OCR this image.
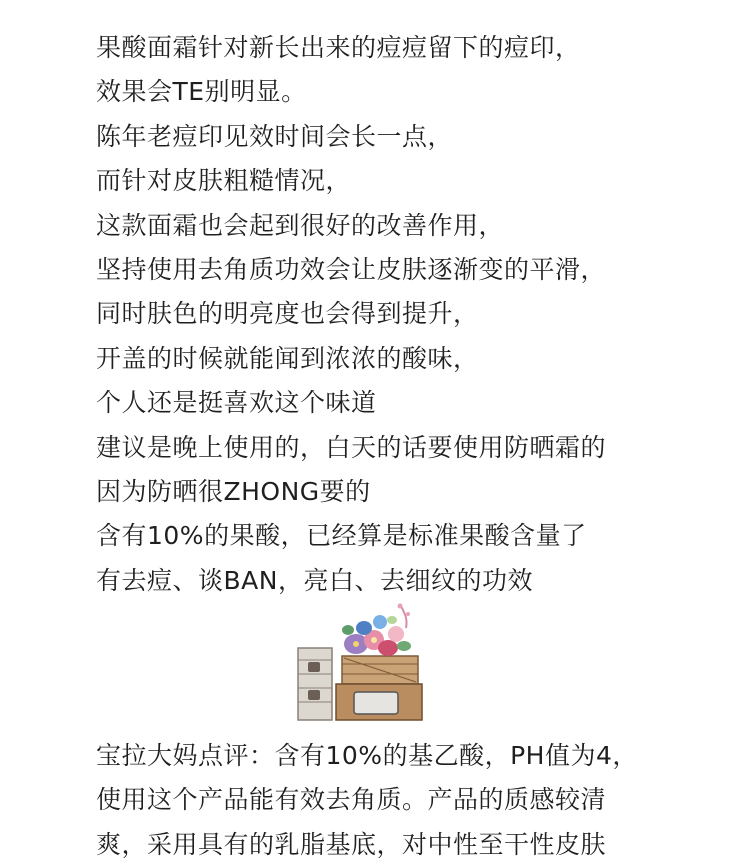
果酸面霜针对新长出来的痘痘留下的痘印，
效果会TE别明显。
陈年老痘印见效时间会长一点，
而针对皮肤粗糙情况，
这款面霜也会起到很好的改善作用，
坚持使用去角质功效会让皮肤逐渐变的平滑，
同时肤色的明亮度也会得到提升，
开盖的时候就能闻到浓浓的酸味，
个人还是挺喜欢这个味道
建议是晚上使用的，白天的话要使用防晒霜的
因为防晒很ZHONG要的
含有10%的果酸，已经算是标准果酸含量了
有去痘、谈BAN，亮白、去细纹的功效
宝拉大妈点评：含有10%的基乙酸，PH值为4，
使用这个产品能有效去角质。产品的质感较清
爽，采用具有的乳脂基底，对中性至干性皮肤
